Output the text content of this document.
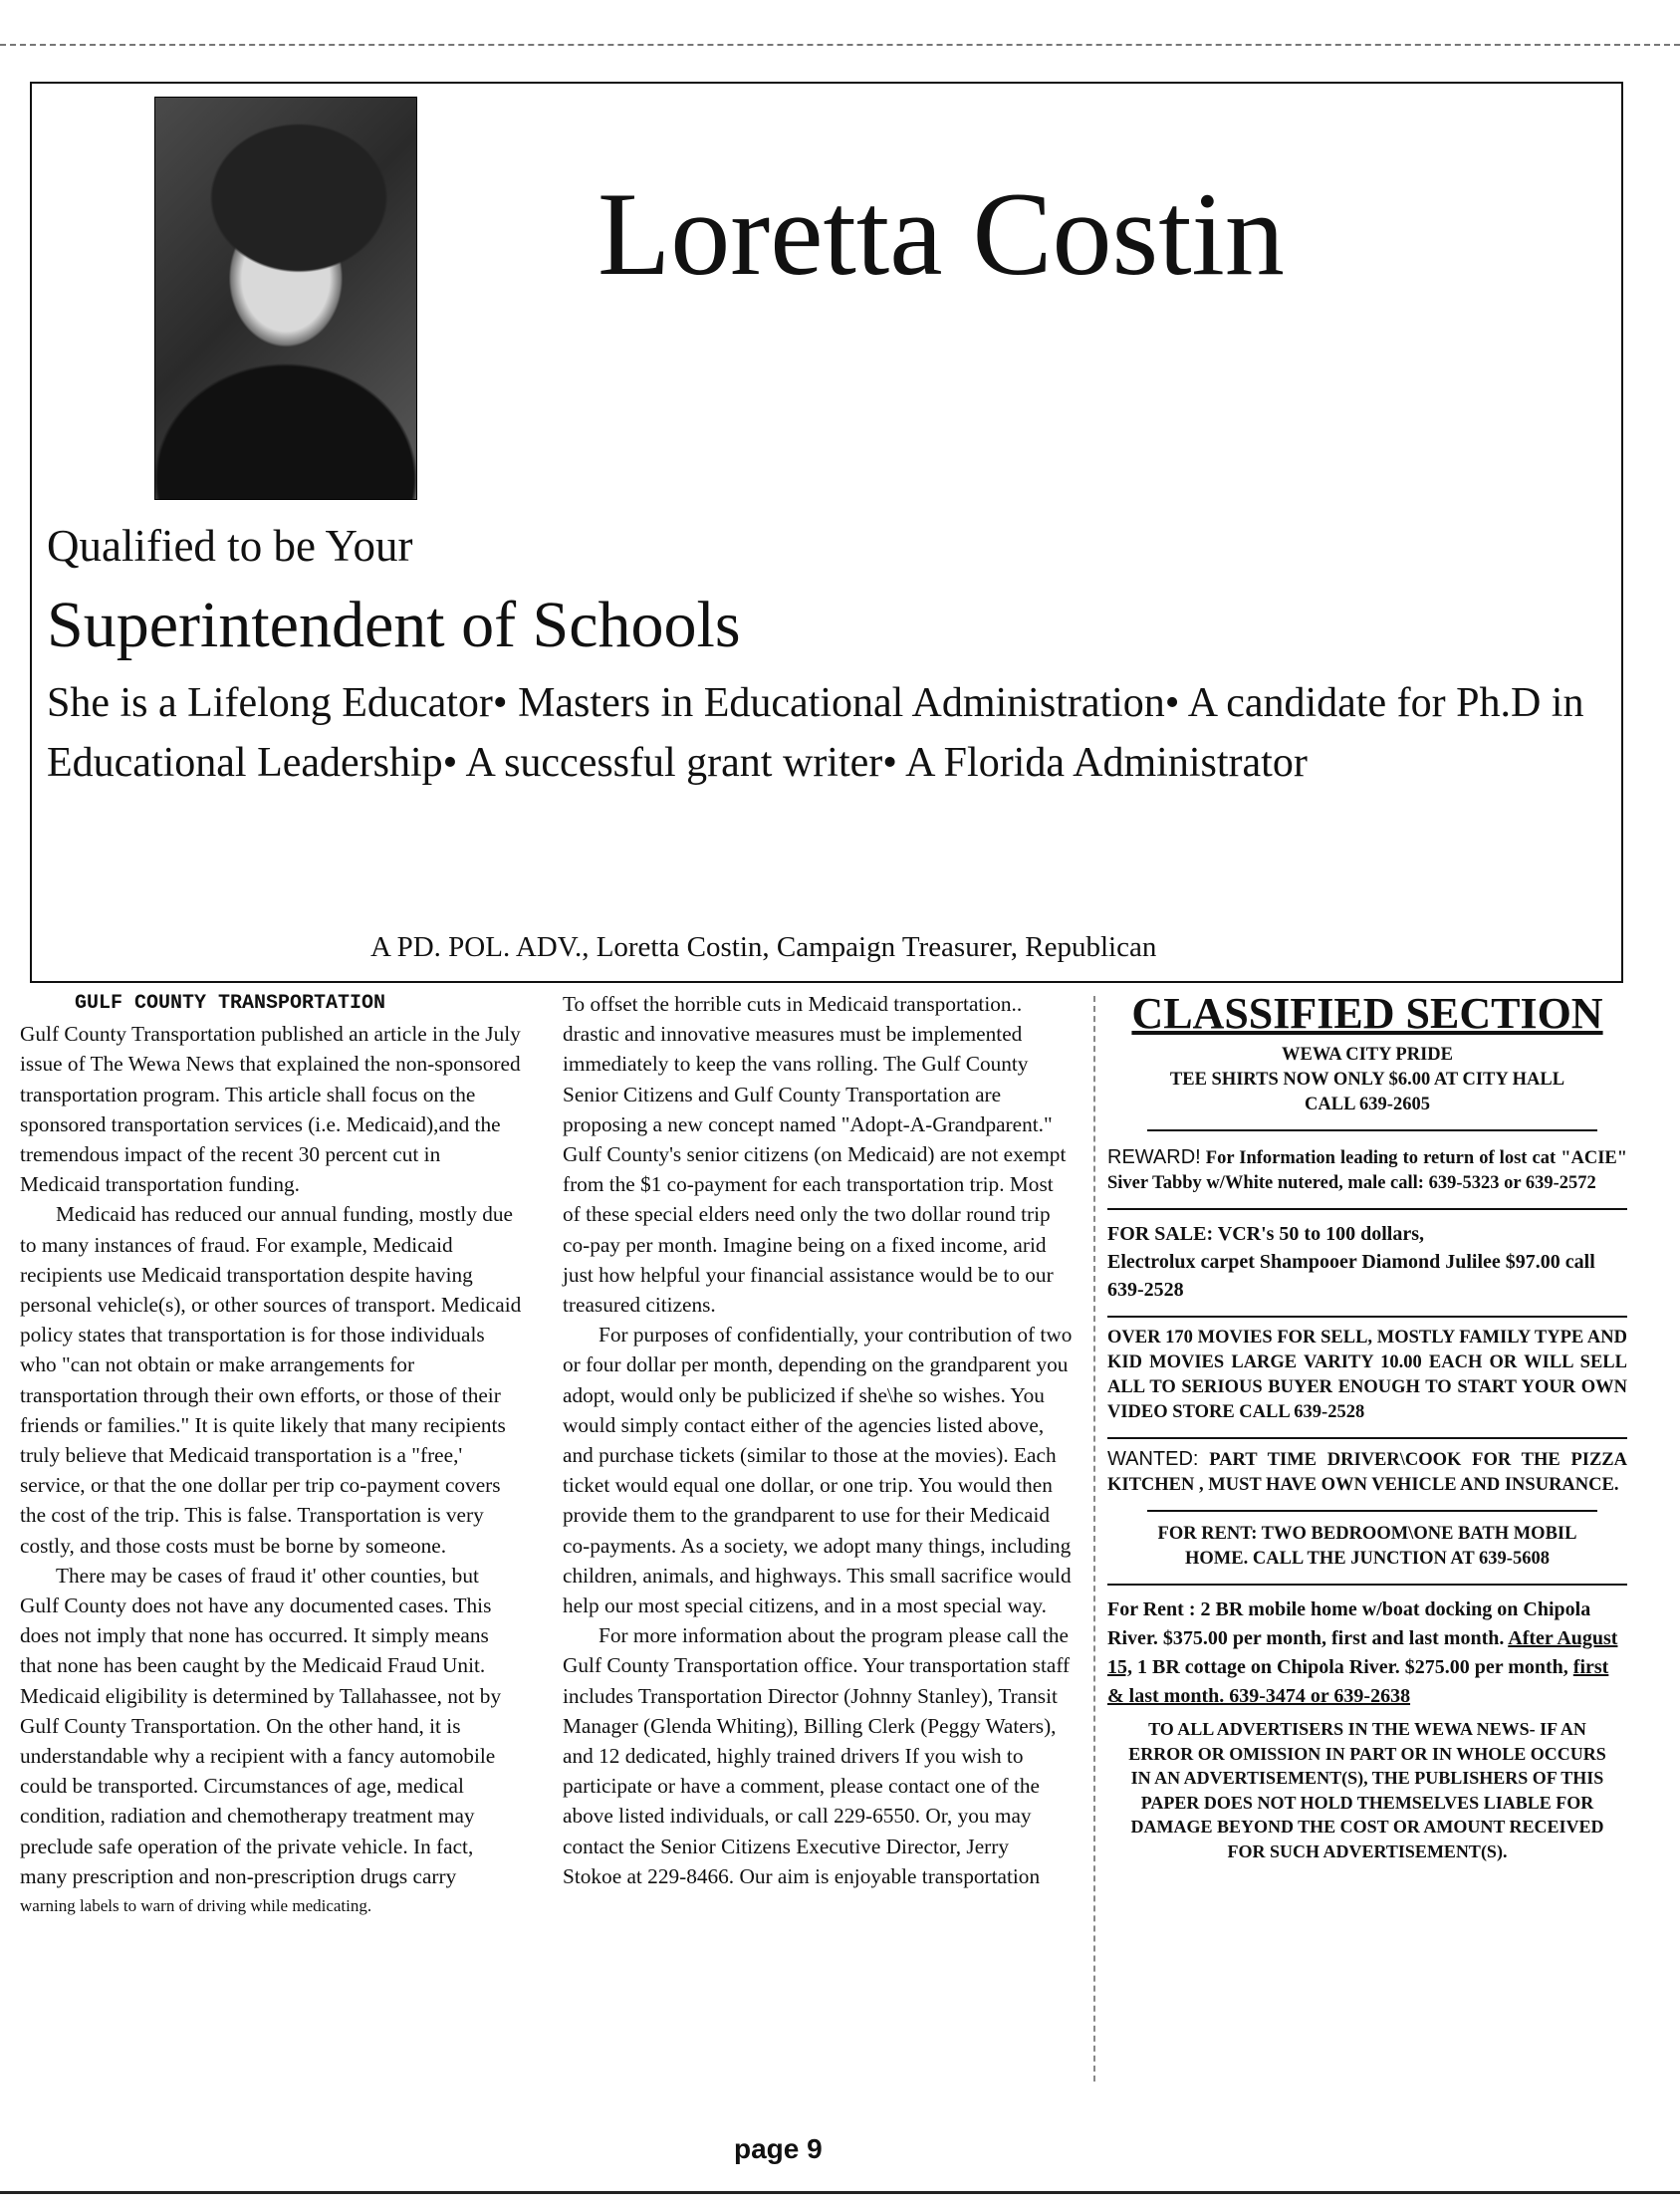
Loretta Costin
Qualified to be Your
Superintendent of Schools
She is a Lifelong Educator• Masters in Educational Administration• A candidate for Ph.D in Educational Leadership• A successful grant writer• A Florida Administrator
A PD. POL. ADV., Loretta Costin, Campaign Treasurer, Republican

GULF COUNTY TRANSPORTATION

Gulf County Transportation published an article in the July issue of The Wewa News that explained the non-sponsored transportation program. This article shall focus on the sponsored transportation services (i.e. Medicaid),and the tremendous impact of the recent 30 percent cut in Medicaid transportation funding.

Medicaid has reduced our annual funding, mostly due to many instances of fraud. For example, Medicaid recipients use Medicaid transportation despite having personal vehicle(s), or other sources of transport. Medicaid policy states that transportation is for those individuals who "can not obtain or make arrangements for transportation through their own efforts, or those of their friends or families." It is quite likely that many recipients truly believe that Medicaid transportation is a "free,' service, or that the one dollar per trip co-payment covers the cost of the trip. This is false. Transportation is very costly, and those costs must be borne by someone.

There may be cases of fraud it' other counties, but Gulf County does not have any documented cases. This does not imply that none has occurred. It simply means that none has been caught by the Medicaid Fraud Unit. Medicaid eligibility is determined by Tallahassee, not by Gulf County Transportation. On the other hand, it is understandable why a recipient with a fancy automobile could be transported. Circumstances of age, medical condition, radiation and chemotherapy treatment may preclude safe operation of the private vehicle. In fact, many prescription and non-prescription drugs carry

warning labels to warn of driving while medicating.

To offset the horrible cuts in Medicaid transportation.. drastic and innovative measures must be implemented immediately to keep the vans rolling. The Gulf County Senior Citizens and Gulf County Transportation are proposing a new concept named "Adopt-A-Grandparent." Gulf County's senior citizens (on Medicaid) are not exempt from the $1 co-payment for each transportation trip. Most of these special elders need only the two dollar round trip co-pay per month. Imagine being on a fixed income, arid just how helpful your financial assistance would be to our treasured citizens.

For purposes of confidentially, your contribution of two or four dollar per month, depending on the grandparent you adopt, would only be publicized if she\he so wishes. You would simply contact either of the agencies listed above, and purchase tickets (similar to those at the movies). Each ticket would equal one dollar, or one trip. You would then provide them to the grandparent to use for their Medicaid co-payments. As a society, we adopt many things, including children, animals, and highways. This small sacrifice would help our most special citizens, and in a most special way.

For more information about the program please call the Gulf County Transportation office. Your transportation staff includes Transportation Director (Johnny Stanley), Transit Manager (Glenda Whiting), Billing Clerk (Peggy Waters), and 12 dedicated, highly trained drivers If you wish to participate or have a comment, please contact one of the above listed individuals, or call 229-6550. Or, you may contact the Senior Citizens Executive Director, Jerry Stokoe at 229-8466. Our aim is enjoyable transportation

CLASSIFIED SECTION
WEWA CITY PRIDE
TEE SHIRTS NOW ONLY $6.00 AT CITY HALL
CALL 639-2605
REWARD! For Information leading to return of lost cat "ACIE" Siver Tabby w/White nutered, male call: 639-5323 or 639-2572
FOR SALE: VCR's 50 to 100 dollars,
Electrolux carpet Shampooer Diamond Julilee $97.00 call 639-2528
OVER 170 MOVIES FOR SELL, MOSTLY FAMILY TYPE AND KID MOVIES LARGE VARITY 10.00 EACH OR WILL SELL ALL TO SERIOUS BUYER ENOUGH TO START YOUR OWN VIDEO STORE CALL 639-2528
WANTED: PART TIME DRIVER\COOK FOR THE PIZZA KITCHEN , MUST HAVE OWN VEHICLE AND INSURANCE.
FOR RENT: TWO BEDROOM\ONE BATH MOBIL HOME. CALL THE JUNCTION AT 639-5608
For Rent : 2 BR mobile home w/boat docking on Chipola River. $375.00 per month, first and last month. After August 15, 1 BR cottage on Chipola River. $275.00 per month, first & last month. 639-3474 or 639-2638
TO ALL ADVERTISERS IN THE WEWA NEWS- IF AN ERROR OR OMISSION IN PART OR IN WHOLE OCCURS IN AN ADVERTISEMENT(S), THE PUBLISHERS OF THIS PAPER DOES NOT HOLD THEMSELVES LIABLE FOR DAMAGE BEYOND THE COST OR AMOUNT RECEIVED FOR SUCH ADVERTISEMENT(S).
page 9
